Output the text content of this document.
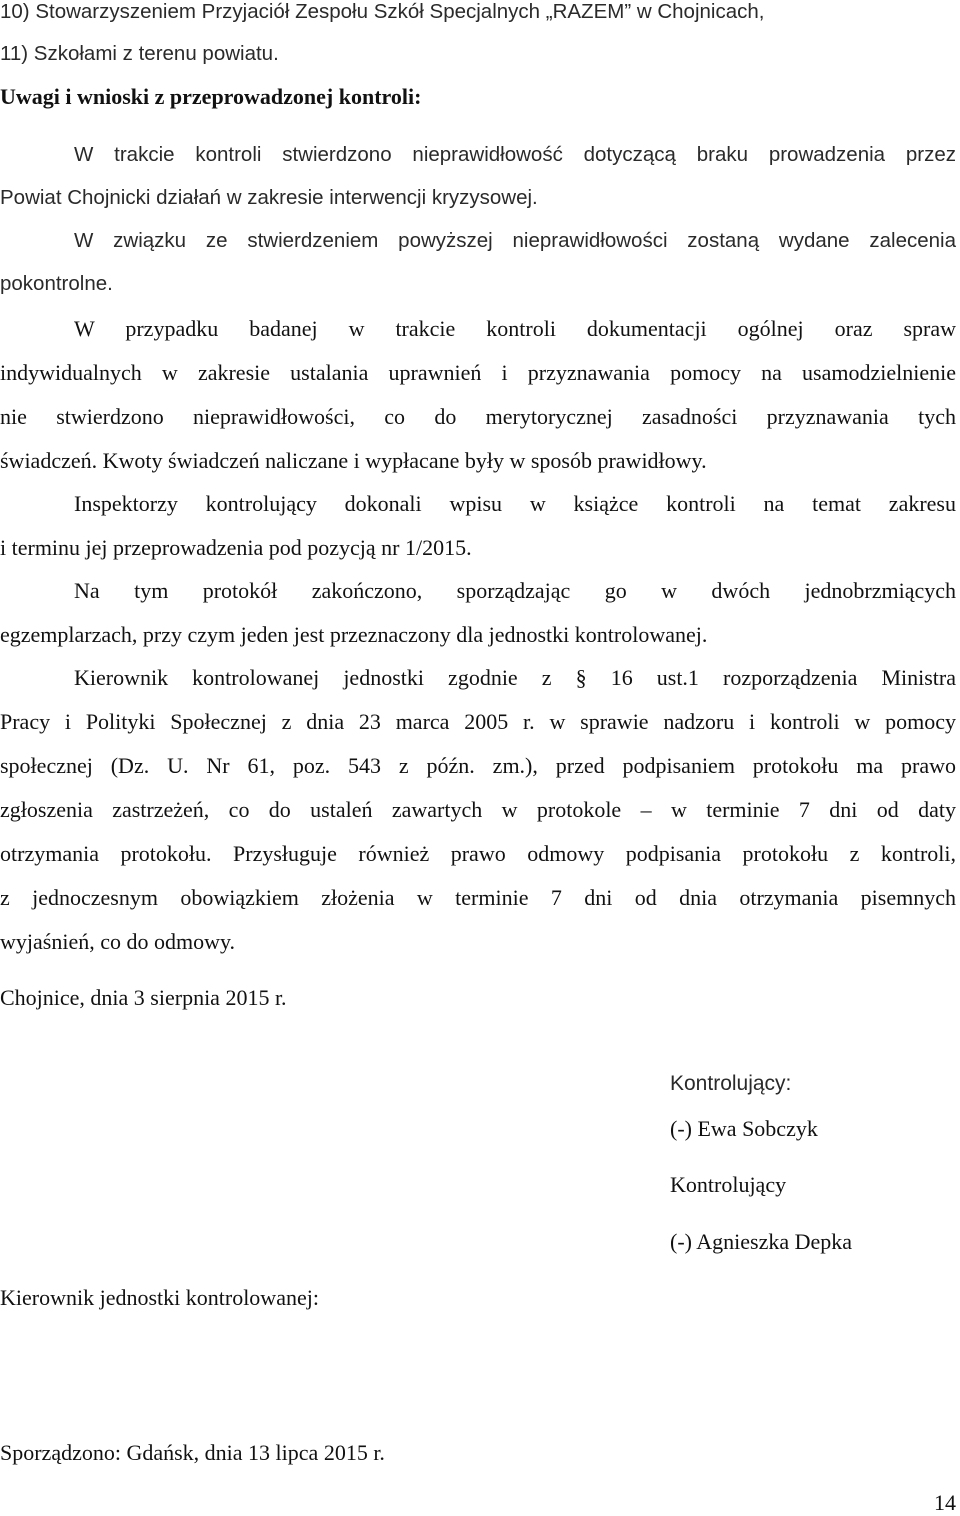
10) Stowarzyszeniem Przyjaciół Zespołu Szkół Specjalnych „RAZEM” w Chojnicach,
11) Szkołami z terenu powiatu.
Uwagi i wnioski z przeprowadzonej kontroli:
W trakcie kontroli stwierdzono nieprawidłowość dotyczącą braku prowadzenia przez
Powiat Chojnicki działań w zakresie interwencji kryzysowej.
W związku ze stwierdzeniem powyższej nieprawidłowości zostaną wydane zalecenia
pokontrolne.
W przypadku badanej w trakcie kontroli dokumentacji ogólnej oraz spraw
indywidualnych w zakresie ustalania uprawnień i przyznawania pomocy na usamodzielnienie
nie stwierdzono nieprawidłowości, co do merytorycznej zasadności przyznawania tych
świadczeń. Kwoty świadczeń naliczane i wypłacane były w sposób prawidłowy.
Inspektorzy kontrolujący dokonali wpisu w książce kontroli na temat zakresu
i terminu jej przeprowadzenia pod pozycją nr 1/2015.
Na tym protokół zakończono, sporządzając go w dwóch jednobrzmiących
egzemplarzach, przy czym jeden jest przeznaczony dla jednostki kontrolowanej.
Kierownik kontrolowanej jednostki zgodnie z § 16 ust.1 rozporządzenia Ministra
Pracy i Polityki Społecznej z dnia 23 marca 2005 r. w sprawie nadzoru i kontroli w pomocy
społecznej (Dz. U. Nr 61, poz. 543 z późn. zm.), przed podpisaniem protokołu ma prawo
zgłoszenia zastrzeżeń, co do ustaleń zawartych w protokole – w terminie 7 dni od daty
otrzymania protokołu. Przysługuje również prawo odmowy podpisania protokołu z kontroli,
z jednoczesnym obowiązkiem złożenia w terminie 7 dni od dnia otrzymania pisemnych
wyjaśnień, co do odmowy.
Chojnice, dnia 3 sierpnia 2015 r.
Kontrolujący:
(-) Ewa Sobczyk
Kontrolujący
(-) Agnieszka Depka
Kierownik jednostki kontrolowanej:
Sporządzono: Gdańsk, dnia 13 lipca 2015 r.
14
